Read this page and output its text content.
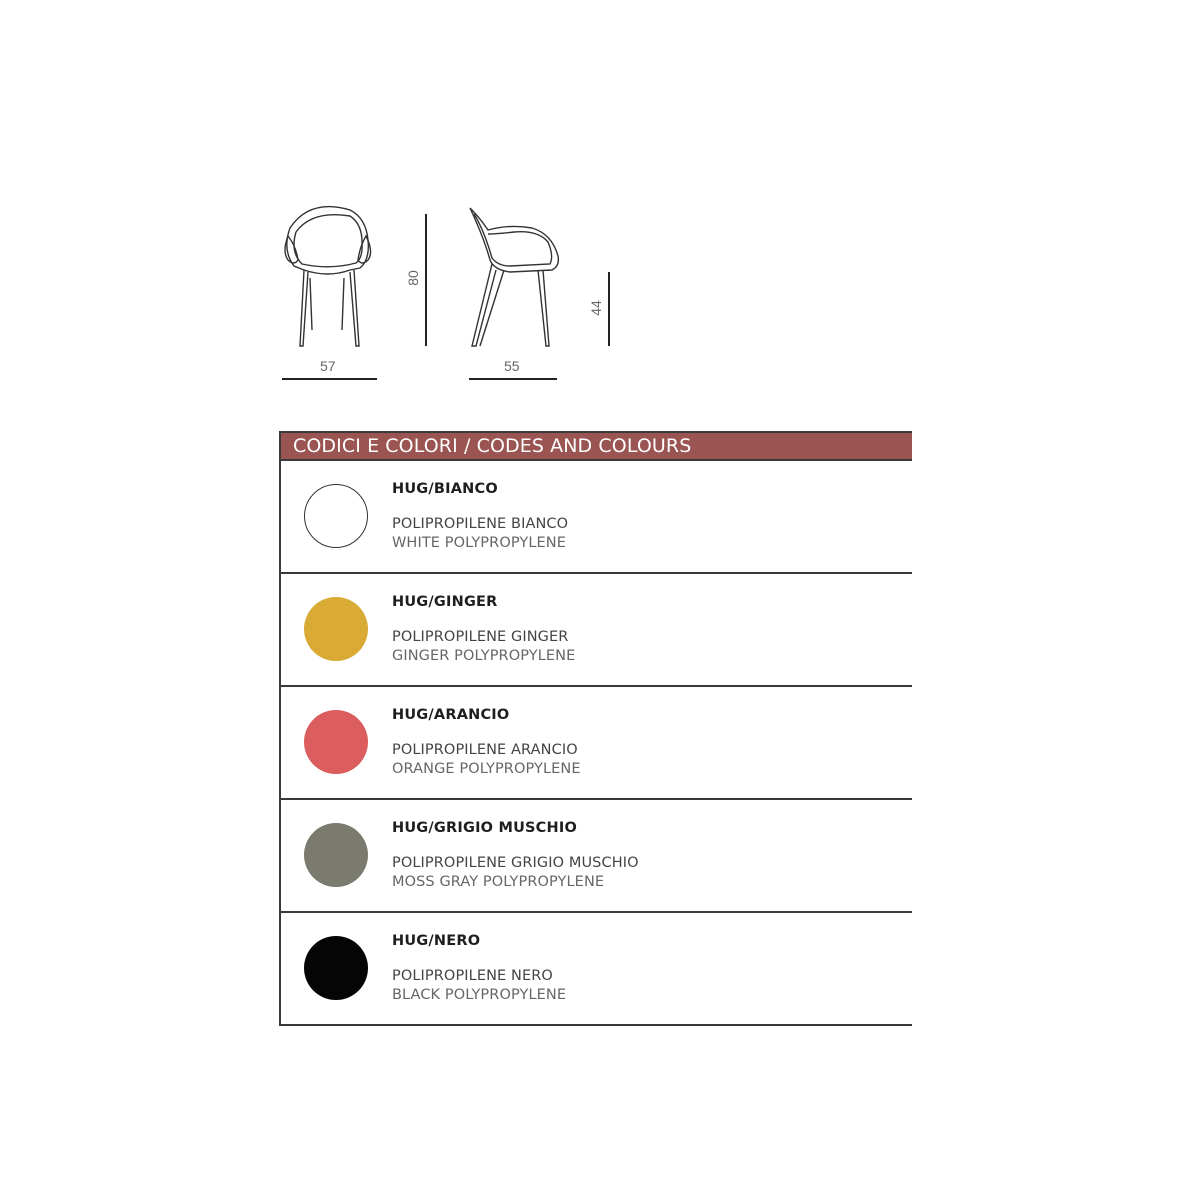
57
80
55
44
CODICI E COLORI / CODES AND COLOURS
HUG/BIANCO
POLIPROPILENE BIANCO
WHITE POLYPROPYLENE
HUG/GINGER
POLIPROPILENE GINGER
GINGER POLYPROPYLENE
HUG/ARANCIO
POLIPROPILENE ARANCIO
ORANGE POLYPROPYLENE
HUG/GRIGIO MUSCHIO
POLIPROPILENE GRIGIO MUSCHIO
MOSS GRAY POLYPROPYLENE
HUG/NERO
POLIPROPILENE NERO
BLACK POLYPROPYLENE
